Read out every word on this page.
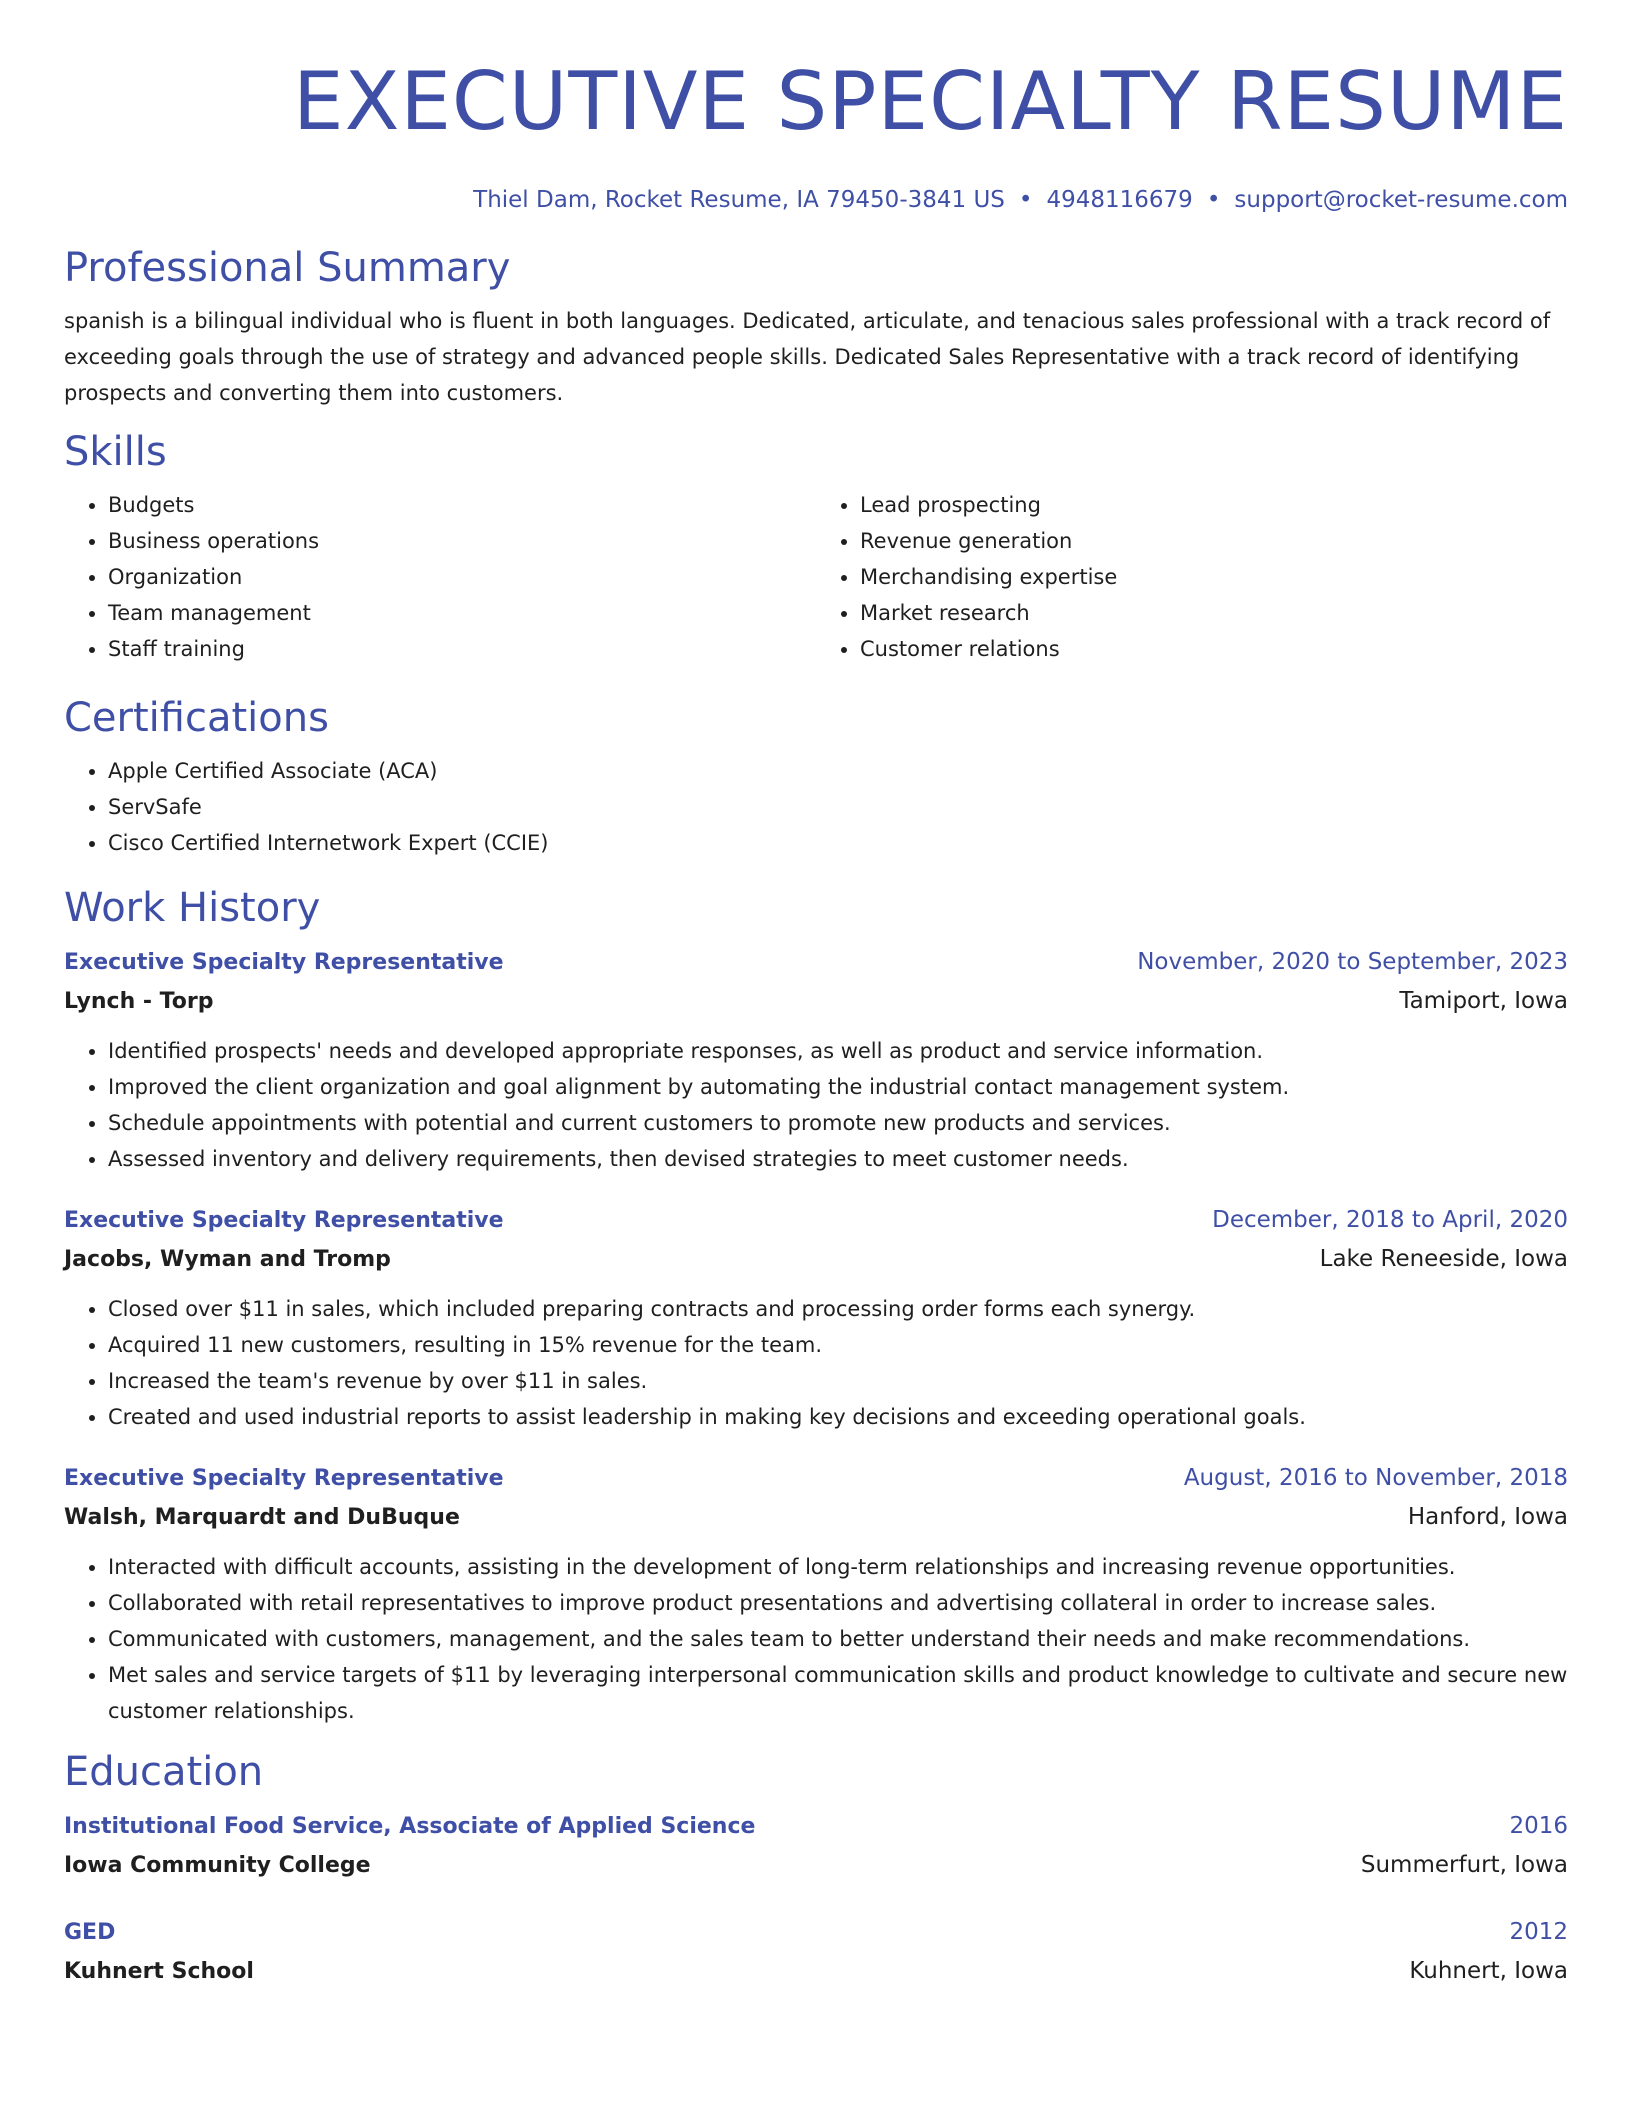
EXECUTIVE SPECIALTY RESUME
Thiel Dam, Rocket Resume, IA 79450-3841 US • 4948116679 • support@rocket-resume.com
Professional Summary

spanish is a bilingual individual who is fluent in both languages. Dedicated, articulate, and tenacious sales professional with a track record of exceeding goals through the use of strategy and advanced people skills. Dedicated Sales Representative with a track record of identifying prospects and converting them into customers.

Skills
• Budgets
• Business operations
• Organization
• Team management
• Staff training
• Lead prospecting
• Revenue generation
• Merchandising expertise
• Market research
• Customer relations
Certifications
• Apple Certified Associate (ACA)
• ServSafe
• Cisco Certified Internetwork Expert (CCIE)
Work History
Executive Specialty Representative	November, 2020 to September, 2023
Lynch - Torp	Tamiport, Iowa
• Identified prospects' needs and developed appropriate responses, as well as product and service information.
• Improved the client organization and goal alignment by automating the industrial contact management system.
• Schedule appointments with potential and current customers to promote new products and services.
• Assessed inventory and delivery requirements, then devised strategies to meet customer needs.
Executive Specialty Representative	December, 2018 to April, 2020
Jacobs, Wyman and Tromp	Lake Reneeside, Iowa
• Closed over $11 in sales, which included preparing contracts and processing order forms each synergy.
• Acquired 11 new customers, resulting in 15% revenue for the team.
• Increased the team's revenue by over $11 in sales.
• Created and used industrial reports to assist leadership in making key decisions and exceeding operational goals.
Executive Specialty Representative	August, 2016 to November, 2018
Walsh, Marquardt and DuBuque	Hanford, Iowa
• Interacted with difficult accounts, assisting in the development of long-term relationships and increasing revenue opportunities.
• Collaborated with retail representatives to improve product presentations and advertising collateral in order to increase sales.
• Communicated with customers, management, and the sales team to better understand their needs and make recommendations.
• Met sales and service targets of $11 by leveraging interpersonal communication skills and product knowledge to cultivate and secure new customer relationships.
Education
Institutional Food Service, Associate of Applied Science	2016
Iowa Community College	Summerfurt, Iowa
GED	2012
Kuhnert School	Kuhnert, Iowa
